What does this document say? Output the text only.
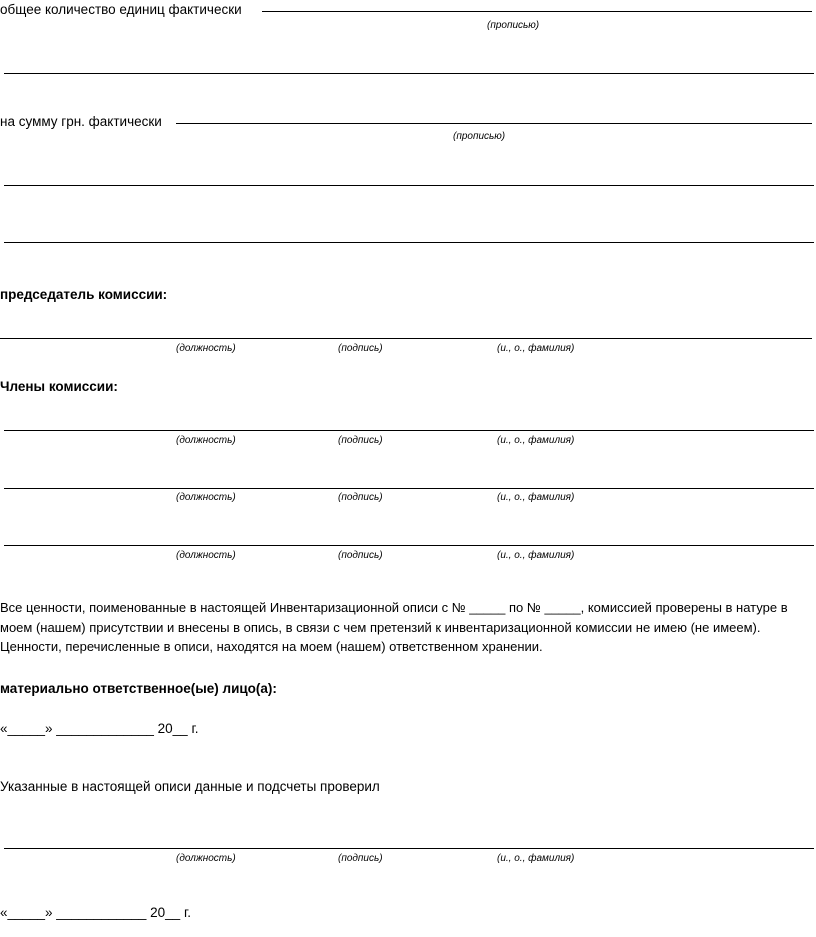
общее количество единиц фактически
(прописью)
на сумму грн. фактически
(прописью)
председатель комиссии:
(должность)	(подпись)	(и., о., фамилия)
Члены комиссии:
(должность)	(подпись)	(и., о., фамилия)
(должность)	(подпись)	(и., о., фамилия)
(должность)	(подпись)	(и., о., фамилия)
Все ценности, поименованные в настоящей Инвентаризационной описи с № _____ по № _____, комиссией проверены в натуре в
моем (нашем) присутствии и внесены в опись, в связи с чем претензий к инвентаризационной комиссии не имею (не имеем).
Ценности, перечисленные в описи, находятся на моем (нашем) ответственном хранении.
материально ответственное(ые) лицо(а):
«_____» _____________ 20__ г.
Указанные в настоящей описи данные и подсчеты проверил
(должность)	(подпись)	(и., о., фамилия)
«_____» ____________ 20__ г.
